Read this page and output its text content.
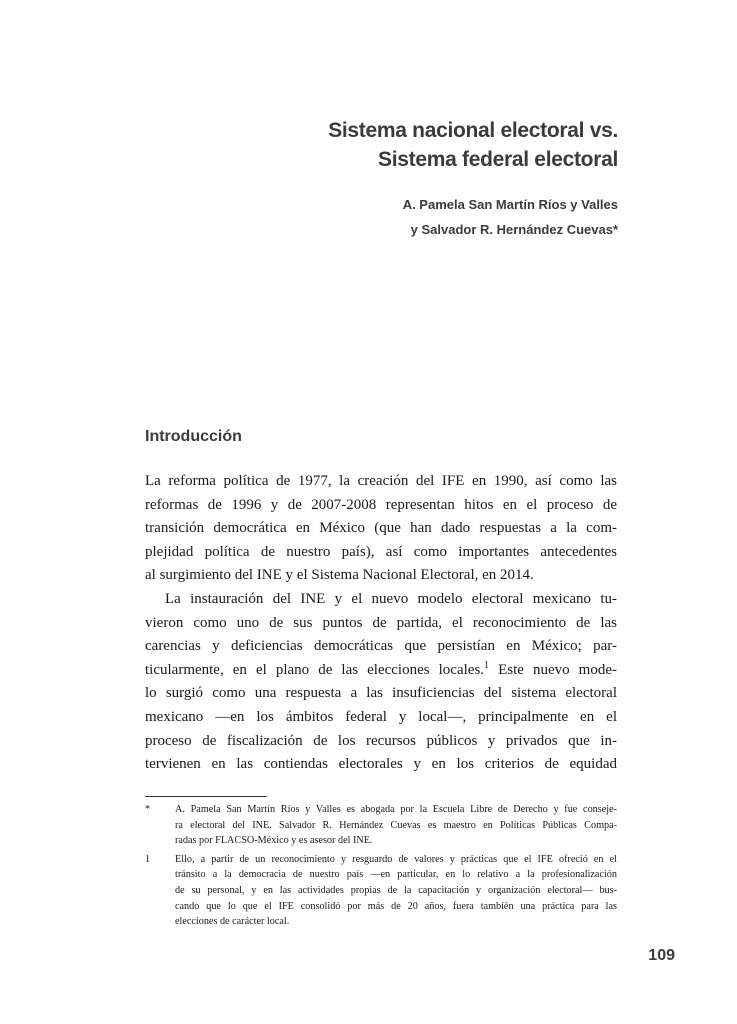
Sistema nacional electoral vs.
Sistema federal electoral
A. Pamela San Martín Ríos y Valles
y Salvador R. Hernández Cuevas*
Introducción
La reforma política de 1977, la creación del IFE en 1990, así como las
reformas de 1996 y de 2007-2008 representan hitos en el proceso de
transición democrática en México (que han dado respuestas a la com-
plejidad política de nuestro país), así como importantes antecedentes
al surgimiento del INE y el Sistema Nacional Electoral, en 2014.
La instauración del INE y el nuevo modelo electoral mexicano tu-
vieron como uno de sus puntos de partida, el reconocimiento de las
carencias y deficiencias democráticas que persistían en México; par-
ticularmente, en el plano de las elecciones locales.$^1$ Este nuevo mode-
lo surgió como una respuesta a las insuficiencias del sistema electoral
mexicano —en los ámbitos federal y local—, principalmente en el
proceso de fiscalización de los recursos públicos y privados que in-
tervienen en las contiendas electorales y en los criterios de equidad
*	A. Pamela San Martín Ríos y Valles es abogada por la Escuela Libre de Derecho y fue conseje-
ra electoral del INE. Salvador R. Hernández Cuevas es maestro en Políticas Públicas Compa-
radas por FLACSO-México y es asesor del INE.
1	Ello, a partir de un reconocimiento y resguardo de valores y prácticas que el IFE ofreció en el
tránsito a la democracia de nuestro país —en particular, en lo relativo a la profesionalización
de su personal, y en las actividades propias de la capacitación y organización electoral— bus-
cando que lo que el IFE consolidó por más de 20 años, fuera también una práctica para las
elecciones de carácter local.
109
